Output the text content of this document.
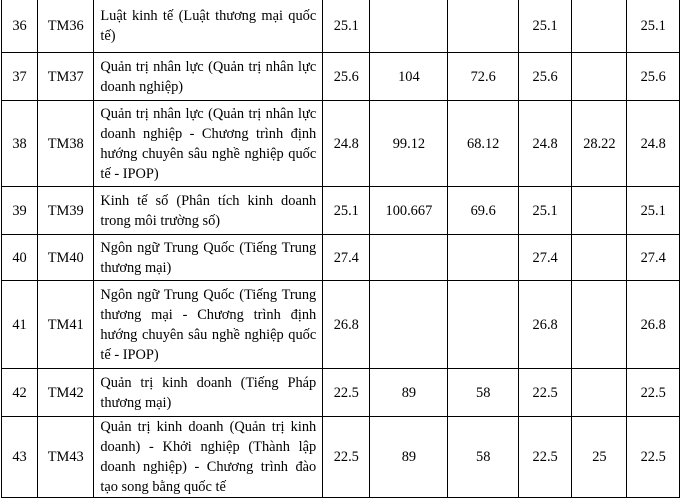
36	TM36	Luật kinh tế (Luật thương mại quốc tế)	25.1			25.1		25.1
37	TM37	Quản trị nhân lực (Quản trị nhân lực doanh nghiệp)	25.6	104	72.6	25.6		25.6
38	TM38	Quản trị nhân lực (Quản trị nhân lực doanh nghiệp - Chương trình định hướng chuyên sâu nghề nghiệp quốc tế - IPOP)	24.8	99.12	68.12	24.8	28.22	24.8
39	TM39	Kinh tế số (Phân tích kinh doanh trong môi trường số)	25.1	100.667	69.6	25.1		25.1
40	TM40	Ngôn ngữ Trung Quốc (Tiếng Trung thương mại)	27.4			27.4		27.4
41	TM41	Ngôn ngữ Trung Quốc (Tiếng Trung thương mại - Chương trình định hướng chuyên sâu nghề nghiệp quốc tế - IPOP)	26.8			26.8		26.8
42	TM42	Quản trị kinh doanh (Tiếng Pháp thương mại)	22.5	89	58	22.5		22.5
43	TM43	Quản trị kinh doanh (Quản trị kinh doanh) - Khởi nghiệp (Thành lập doanh nghiệp) - Chương trình đào tạo song bằng quốc tế	22.5	89	58	22.5	25	22.5
